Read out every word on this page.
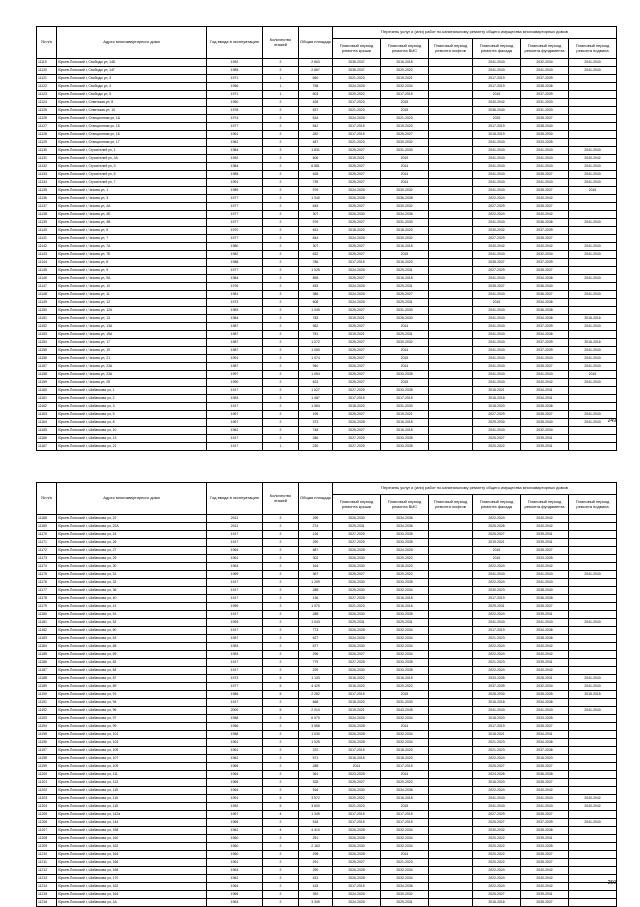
№ п/п	Адрес многоквартирного дома	Год ввода в эксплуатацию	Количество этажей	Общая площадь	Перечень услуг и (или) работ по капитальному ремонту общего имущества многоквартирных домов					
					Плановый период ремонта крыши	Плановый период ремонта ВИС	Плановый период ремонта лифтов	Плановый период ремонта фасада	Плановый период ремонта фундамента	Плановый период ремонта подвала
11119	Юрьев-Польский г, Свободы ул, 14Б	1992	2	2 663	2035-2037	2016-2018		2041-2043	2032-2034	2041-2043
11120	Юрьев-Польский г, Свободы ул, 14Г	1985	2	2 667	2035-2037	2020-2022		2041-2043	2041-2043	2041-2043
11121	Юрьев-Польский г, Свободы ул, 3	1971	1	650	2021-2023	2019-2021		2017-2019	2037-2039	
11122	Юрьев-Польский г, Свободы ул, 4	1956	1	758	2024-2026	2032-2034		2017-2019	2038-2036	
11123	Юрьев-Польский г, Свободы ул, 5	1971	1	603	2020-2022	2017-2019		2015	2037-2039	
11124	Юрьев-Польский г, Советская ул, 8	1950	2	426	2017-2023	2015		2040-2042	2031-2033	
11125	Юрьев-Польский г, Советская ул, 10	1978	2	637	2021-2023	2015		2036-2040	2031-2033	
11126	Юрьев-Польский г, Станционная ул, 1А	1974	2	634	2024-2026	2021-2023		2025	2035-2037	
11127	Юрьев-Польский г, Станционная ул, 15	1977	2	542	2017-2019	2019-2020		2017-2019	2038-2040	
11128	Юрьев-Польский г, Станционная ул, 16	1961	2	282	2017-2019	2025-2027		2018-2019	2035-2030	
11129	Юрьев-Польский г, Станционная ул, 17	1962	2	487	2021-2023	2030-2032		2041-2043	2033-2035	
11130	Юрьев-Польский г, Строителей ул, 1	1984	3	1 831	2025-2027	2031-2033		2041-2043	2041-2043	2041-2043
11131	Юрьев-Польский г, Строителей ул, 2А	1992	2	606	2019-2021	2019		2041-2043	2041-2043	2040-2042
11132	Юрьев-Польский г, Строителей ул, 3	1984	2	6 581	2025-2027	2014		2041-2043	2041-2043	2041-2043
11133	Юрьев-Польский г, Строителей ул, 6	1985	2	628	2025-2027	2014		2041-2043	2035-2037	2041-2043
11134	Юрьев-Польский г, Строителей ул, 7	1991	2	739	2025-2027	2014		2041-2043	2041-2043	2041-2043
11135	Юрьев-Польский г, Чехова ул, 1	1989	2	976	2024-2026	2030-2032		2041-2043	2035-2037	2015
11136	Юрьев-Польский г, Чехова ул, 3	1977	2	1 040	2026-2028	2036-2038		2022-2024	2040-2042	
11137	Юрьев-Польский г, Чехова ул, 4А	1977	2	645	2025-2027	2030-2032		2027-2029	2035-2037	
11138	Юрьев-Польский г, Чехова ул, 4Б	1977	2	307	2026-2030	2034-2036		2022-2024	2040-2042	
11139	Юрьев-Польский г, Чехова ул, 4В	1977	2	976	2025-2027	2031-2033		2041-2043	2036-2036	2041-2043
11140	Юрьев-Польский г, Чехова ул, 5	1970	2	631	2018-2020	2018-2020		2030-2032	2037-2039	
11141	Юрьев-Польский г, Чехова ул, 7	1977	2	844	2024-2026	2030-2032		2027-2029	2035-2037	
11142	Юрьев-Польский г, Чехова ул, 7А	1980	2	307	2025-2027	2016-2018		2040-2042	2040-2042	2041-2043
11143	Юрьев-Польский г, Чехова ул, 7Б	1982	2	632	2025-2027	2015		2041-2043	2032-2034	2041-2043
11144	Юрьев-Польский г, Чехова ул, 8	1988	2	786	2017-2019	2016-2020		2035-2037	2037-2039	
11145	Юрьев-Польский г, Чехова ул, 9	1977	2	1 025	2024-2026	2029-2031		2027-2029	2035-2037	
11146	Юрьев-Польский г, Чехова ул, 9А	1984	2	855	2025-2027	2016-2018		2041-2043	2034-2036	2041-2043
11147	Юрьев-Польский г, Чехова ул, 10	1976	2	453	2024-2026	2029-2031		2035-2037	2036-2040	
11148	Юрьев-Польский г, Чехова ул, 11	1981	3	386	2024-2026	2025-2027		2041-2043	2036-2037	2041-2043
11149	Юрьев-Польский г, Чехова ул, 12	1973	2	608	2024-2026	2029-2031		2015	2034-2036	
11150	Юрьев-Польский г, Чехова ул, 12А	1983	2	1 049	2025-2027	2031-2033		2041-2043	2036-2038	
11151	Юрьев-Польский г, Чехова ул, 13	1984	2	783	2019-2021	2028-2030		2041-2043	2034-2036	2016-2016
11152	Юрьев-Польский г, Чехова ул, 13А	1987	2	962	2025-2027	2014		2041-2043	2037-2039	2041-2043
11153	Юрьев-Польский г, Чехова ул, 15А	1987	2	781	2019-2021	2029-2031		2041-2043	2034-2036	
11154	Юрьев-Польский г, Чехова ул, 17	1987	2	1 072	2025-2027	2030-2032		2041-2043	2037-2039	2016-2016
11155	Юрьев-Польский г, Чехова ул, 19	1987	2	1 050	2025-2027	2014		2041-2043	2037-2039	2041-2043
11156	Юрьев-Польский г, Чехова ул, 21	1991	2	1 074	2025-2027	2015		2041-2043	2041-2043	2041-2043
11157	Юрьев-Польский г, Чехова ул, 23А	1987	2	940	2026-2027	2014		2041-2043	2035-2037	2041-2043
11158	Юрьев-Польский г, Чехова ул, 23А	1997	2	1 054	2025-2027	2033-2035		2041-2043	2041-2043	2015
11159	Юрьев-Польский г, Чехова ул, 25	1990	2	624	2025-2027	2015		2041-2043	2040-2042	2041-2043
11160	Юрьев-Польский г, Шибанкова ул, 1	1917	2	1 627	2027-2029	2033-2035		2016-2021	2034-2041	
11161	Юрьев-Польский г, Шибанкова ул, 2	1953	3	1 487	2017-2019	2017-2019		2016-2018	2034-2041	
11162	Юрьев-Польский г, Шибанкова ул, 3	1917	2	1 584	2018-2020	2031-2033		2018-2020	2035-2036	
11163	Юрьев-Польский г, Шибанкова ул, 5	1967	2	195	2025-2027	2019-2021		2027-2029	2035-2037	2041-2043
11164	Юрьев-Польский г, Шибанкова ул, 8	1967	2	373	2026-2028	2016-2018		2029-2030	2035-2040	2041-2043
11165	Юрьев-Польский г, Шибанкова ул, 10	1962	2	748	2025-2027	2016-2018		2041-2043	2032-2034	
11166	Юрьев-Польский г, Шибанкова ул, 13	1917	2	286	2027-2029	2033-2035		2025-2027	2039-2041	
11167	Юрьев-Польский г, Шибанкова ул, 21	1917	1	230	2027-2029	2033-2035		2020-2022	2039-2041	
249
№ п/п	Адрес многоквартирного дома	Год ввода в эксплуатацию	Количество этажей	Общая площадь	Перечень услуг и (или) работ по капитальному ремонту общего имущества многоквартирных домов					
					Плановый период ремонта крыши	Плановый период ремонта ВИС	Плановый период ремонта лифтов	Плановый период ремонта фасада	Плановый период ремонта фундамента	Плановый период ремонта подвала
11168	Юрьев-Польский г, Шибанкова ул, 22	2011	2	295	2026-2030	2034-2036		2022-2024	2040-2042	
11169	Юрьев-Польский г, Шибанкова ул, 22А	2011	2	274	2029-2031	2034-2036		2025-2026	2040-2042	
11170	Юрьев-Польский г, Шибанкова ул, 24	1917	2	126	2027-2029	2033-2035		2025-2027	2039-2041	
11171	Юрьев-Польский г, Шибанкова ул, 26	1917	2	290	2027-2029	2033-2035		2019-2021	2039-2041	
11172	Юрьев-Польский г, Шибанкова ул, 27	1964	2	687	2026-2028	2024-2026		2015	2035-2037	
11173	Юрьев-Польский г, Шибанкова ул, 29	1961	2	302	2026-2030	2020-2022		2015	2033-2035	
11174	Юрьев-Польский г, Шибанкова ул, 30	1963	2	164	2026-2030	2018-2020		2022-2024	2040-2042	
11175	Юрьев-Польский г, Шибанкова ул, 31	1969	2	367	2025-2027	2020-2022		2041-2043	2041-2043	2041-2043
11176	Юрьев-Польский г, Шибанкова ул, 32	1917	2	1 209	2026-2030	2033-2035		2022-2024	2041-2043	
11177	Юрьев-Польский г, Шибанкова ул, 36	1917	2	288	2025-2030	2032-2034		2030-2023	2038-2040	
11178	Юрьев-Польский г, Шибанкова ул, 40	1917	2	136	2027-2025	2016-2018		2017-2019	2036-2038	
11179	Юрьев-Польский г, Шибанкова ул, 41	1959	3	1 070	2021-2023	2016-2016		2029-2031	2035-2037	
11180	Юрьев-Польский г, Шибанкова ул, 51	1917	2	288	2026-2030	2033-2035		2022-2024	2039-2041	
11181	Юрьев-Польский г, Шибанкова ул, 52	1993	2	1 043	2029-2031	2029-2031		2041-2043	2041-2043	2041-2043
11182	Юрьев-Польский г, Шибанкова ул, 60	1917	2	773	2026-2028	2032-2034		2017-2019	2034-2036	
11183	Юрьев-Польский г, Шибанкова ул, 63	1957	2	627	2024-2026	2032-2034		2021-2023	2038-2036	
11184	Юрьев-Польский г, Шибанкова ул, 68	1953	2	677	2026-2030	2032-2034		2022-2024	2040-2042	
11185	Юрьев-Польский г, Шибанкова ул, 69	1953	2	296	2026-2027	2032-2034		2022-2024	2040-2042	
11186	Юрьев-Польский г, Шибанкова ул, 82	1917	2	779	2027-2025	2033-2035		2021-2023	2039-2041	
11187	Юрьев-Польский г, Шибанкова ул, 84	1917	2	229	2026-2030	2033-2035		2022-2024	2040-2042	
11188	Юрьев-Польский г, Шибанкова ул, 87	1973	5	1 133	2016-2022	2016-2019		2033-2035	2028-2031	2041-2043
11189	Юрьев-Польский г, Шибанкова ул, 89	1977	5	4 429	2016-2020	2020-2022		2037-2039	2032-2034	2041-2043
11190	Юрьев-Польский г, Шибанкова ул, 91	1986	5	2 282	2017-2019	2015		2028-2030	2035-2035	2015-2015
11191	Юрьев-Польский г, Шибанкова ул, 94	1917	2	668	2018-2020	2031-2033		2016-2018	2034-2036	
11192	Юрьев-Польский г, Шибанкова ул, 96	2000	5	2 010	2019-2021	2043-2045		2041-2043	2041-2043	2041-2043
11193	Юрьев-Польский г, Шибанкова ул, 97	1958	2	6 070	2024-2026	2032-2034		2018-2020	2033-2035	
11194	Юрьев-Польский г, Шибанкова ул, 99	1956	2	3 558	2026-2028	2014		2017-2019	2035-2037	
11195	Юрьев-Польский г, Шибанкова ул, 101	1958	2	1 030	2026-2028	2032-2034		2018-2021	2034-2041	
11196	Юрьев-Польский г, Шибанкова ул, 103	1961	2	1 025	2026-2028	2032-2034		2021-2023	2034-2036	
11197	Юрьев-Польский г, Шибанкова ул, 105	1961	2	370	2017-2019	2018-2020		2021-2023	2037-2036	
11198	Юрьев-Польский г, Шибанкова ул, 107	1962	2	571	2016-2018	2018-2020		2022-2024	2016-2020	
11199	Юрьев-Польский г, Шибанкова ул, 109	1965	2	288	2014	2017-2019		2025-2027	2035-2037	
11200	Юрьев-Польский г, Шибанкова ул, 111	1964	2	361	2023-2025	2014		2024-2026	2036-2038	
11201	Юрьев-Польский г, Шибанкова ул, 113	1965	2	325	2025-2027	2020-2022		2016-2020	2035-2037	
11202	Юрьев-Польский г, Шибанкова ул, 115	1964	2	516	2026-2030	2034-2036		2022-2024	2040-2042	
11203	Юрьев-Польский г, Шибанкова ул, 116	1991	5	3 972	2020-2022	2016-2018		2041-2043	2041-2043	2040-2042
11204	Юрьев-Польский г, Шибанкова ул, 118	1992	5	3 600	2021-2023	2015		2041-2043	2041-2043	2040-2042
11205	Юрьев-Польский г, Шибанкова ул, 142а	1967	4	1 349	2017-2019	2017-2019		2027-2029	2035-2037	
11206	Юрьев-Польский г, Шибанкова ул, 144	1965	2	518	2017-2019	2017-2019		2025-2027	2037-2039	2041-2043
11207	Юрьев-Польский г, Шибанкова ул, 158	1962	4	4 410	2026-2028	2032-2034		2030-2032	2035-2036	
11208	Юрьев-Польский г, Шибанкова ул, 160	1960	2	251	2026-2028	2032-2034		2020-2022	2039-2041	
11209	Юрьев-Польский г, Шибанкова ул, 162	1960	2	2 163	2026-2030	2032-2034		2020-2022	2033-2035	
11210	Юрьев-Польский г, Шибанкова ул, 164	1960	2	298	2026-2028	2014		2020-2022	2035-2037	
11211	Юрьев-Польский г, Шибанкова ул, 166	1961	2	291	2025-2027	2021-2023		2020-2022	2035-2037	
11212	Юрьев-Польский г, Шибанкова ул, 168	1963	2	290	2026-2028	2032-2034		2022-2024	2040-2042	
11213	Юрьев-Польский г, Шибанкова ул, 170	1962	2	431	2026-2028	2032-2034		2022-2024	2040-2042	
11214	Юрьев-Польский г, Шибанкова ул, 162	1964	2	415	2017-2019	2034-2036		2022-2024	2040-2042	
11215	Юрьев-Польский г, Шибанкова ул, 164	1965	2	392	2024-2026	2030-2032		2025-2027	2039-2041	
11216	Юрьев-Польский г, Шибанкова ул, 1А	1963	2	3 349	2024-2026	2029-2031		2016-2016	2035-2037	
250
